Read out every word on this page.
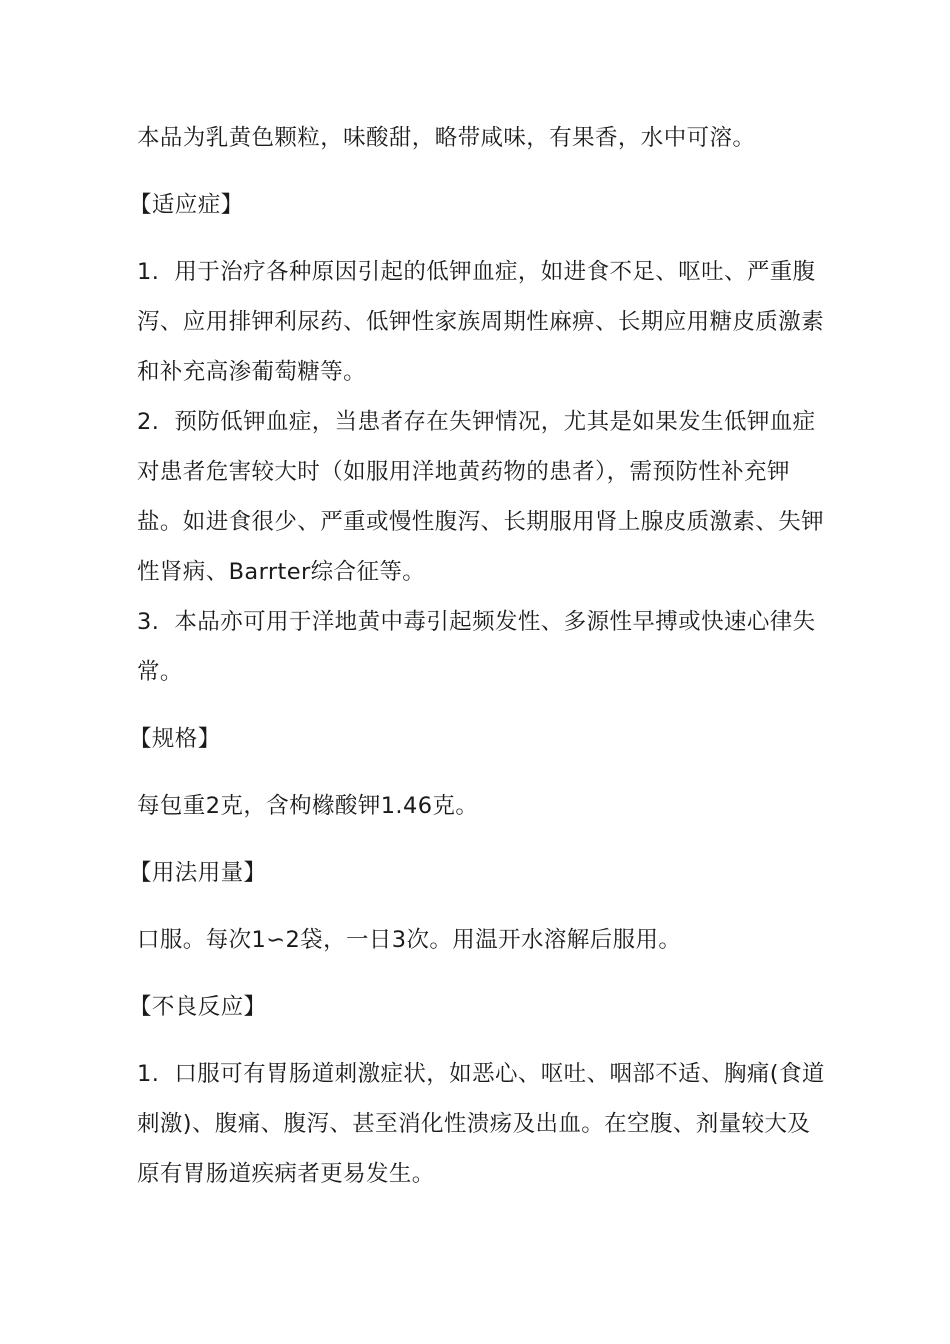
本品为乳黄色颗粒，味酸甜，略带咸味，有果香，水中可溶。

【适应症】

1.  用于治疗各种原因引起的低钾血症，如进食不足、呕吐、严重腹泻、应用排钾利尿药、低钾性家族周期性麻痹、长期应用糖皮质激素和补充高渗葡萄糖等。

2.  预防低钾血症，当患者存在失钾情况，尤其是如果发生低钾血症对患者危害较大时（如服用洋地黄药物的患者），需预防性补充钾盐。如进食很少、严重或慢性腹泻、长期服用肾上腺皮质激素、失钾性肾病、Barrter综合征等。

3.  本品亦可用于洋地黄中毒引起频发性、多源性早搏或快速心律失常。

【规格】

每包重2克，含枸橼酸钾1.46克。

【用法用量】

口服。每次1∽2袋，一日3次。用温开水溶解后服用。

【不良反应】

1.  口服可有胃肠道刺激症状，如恶心、呕吐、咽部不适、胸痛(食道刺激)、腹痛、腹泻、甚至消化性溃疡及出血。在空腹、剂量较大及原有胃肠道疾病者更易发生。
